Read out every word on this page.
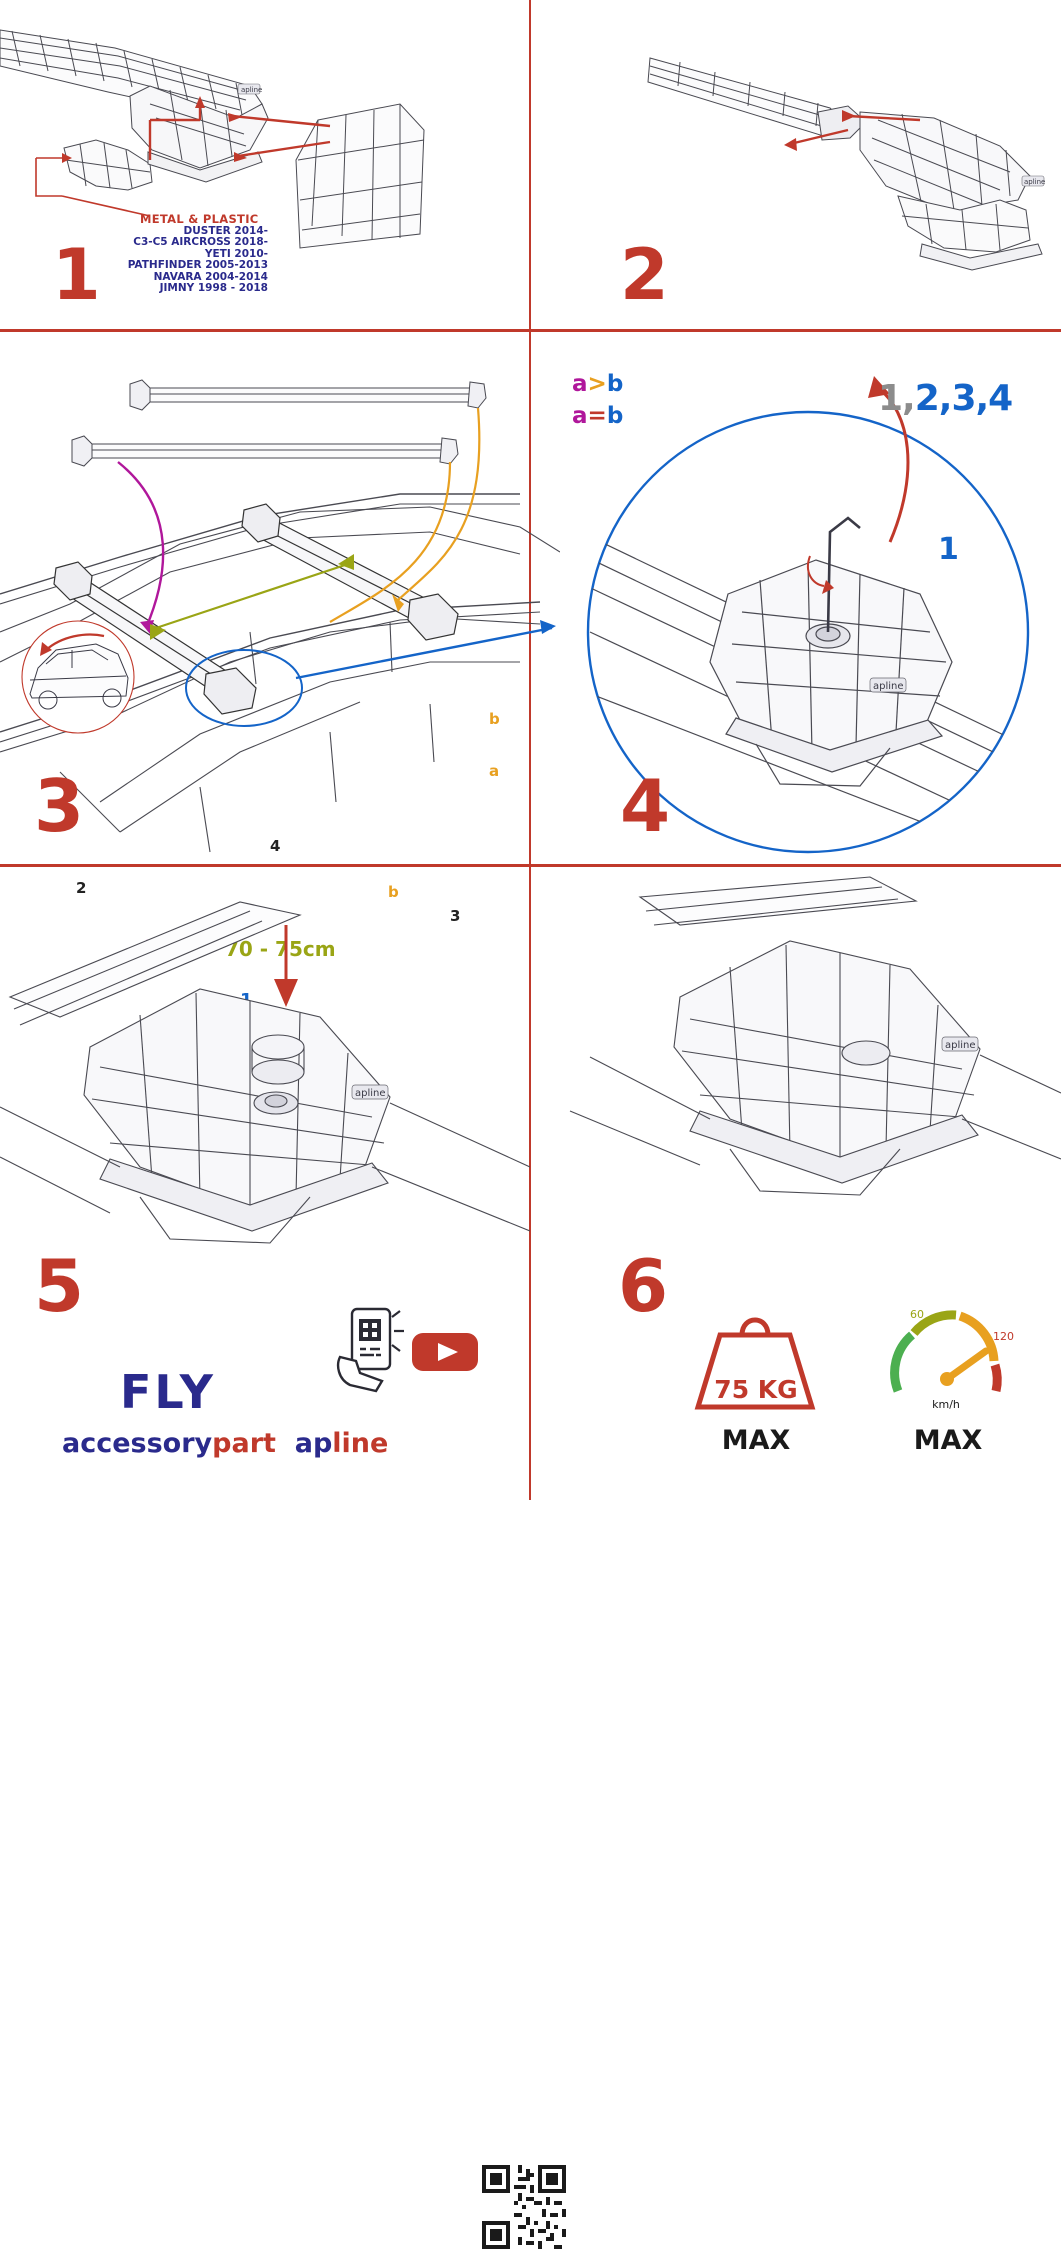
apline
METAL & PLASTIC
DUSTER 2014-
C3-C5 AIRCROSS 2018-
YETI 2010-
PATHFINDER 2005-2013
NAVARA 2004-2014
JIMNY 1998 - 2018
1
apline
2
b
a
b
2
3
4
70 - 75cm
a>b
a=b
3
apline
1,2,3,4
1
4
apline
5
FLY
accessorypart apline
apline
6
75 KG
MAX
km/h
MAX
60
120
